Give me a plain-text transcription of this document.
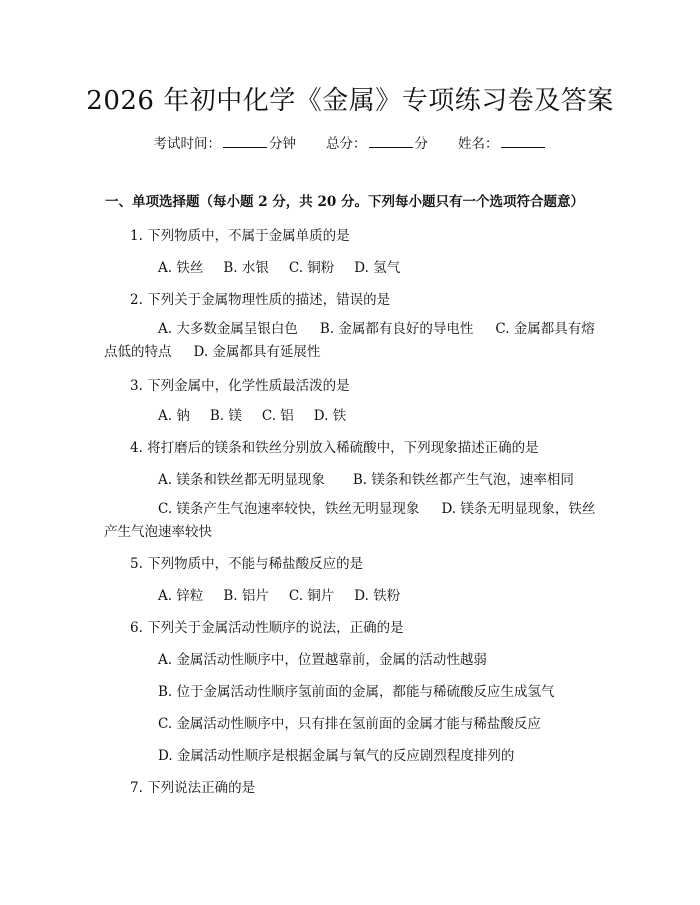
2026 年初中化学《金属》专项练习卷及答案
考试时间：	分钟 总分：	分 姓名：
一、单项选择题（每小题 2 分，共 20 分。下列每小题只有一个选项符合题意）
1. 下列物质中，不属于金属单质的是
A. 铁丝 B. 水银 C. 铜粉 D. 氢气
2. 下列关于金属物理性质的描述，错误的是
A. 大多数金属呈银白色 B. 金属都有良好的导电性 C. 金属都具有熔点低的特点 D. 金属都具有延展性
3. 下列金属中，化学性质最活泼的是
A. 钠 B. 镁 C. 铝 D. 铁
4. 将打磨后的镁条和铁丝分别放入稀硫酸中，下列现象描述正确的是
A. 镁条和铁丝都无明显现象 B. 镁条和铁丝都产生气泡，速率相同
C. 镁条产生气泡速率较快，铁丝无明显现象 D. 镁条无明显现象，铁丝产生气泡速率较快
5. 下列物质中，不能与稀盐酸反应的是
A. 锌粒 B. 铝片 C. 铜片 D. 铁粉
6. 下列关于金属活动性顺序的说法，正确的是
A. 金属活动性顺序中，位置越靠前，金属的活动性越弱
B. 位于金属活动性顺序氢前面的金属，都能与稀硫酸反应生成氢气
C. 金属活动性顺序中，只有排在氢前面的金属才能与稀盐酸反应
D. 金属活动性顺序是根据金属与氧气的反应剧烈程度排列的
7. 下列说法正确的是
